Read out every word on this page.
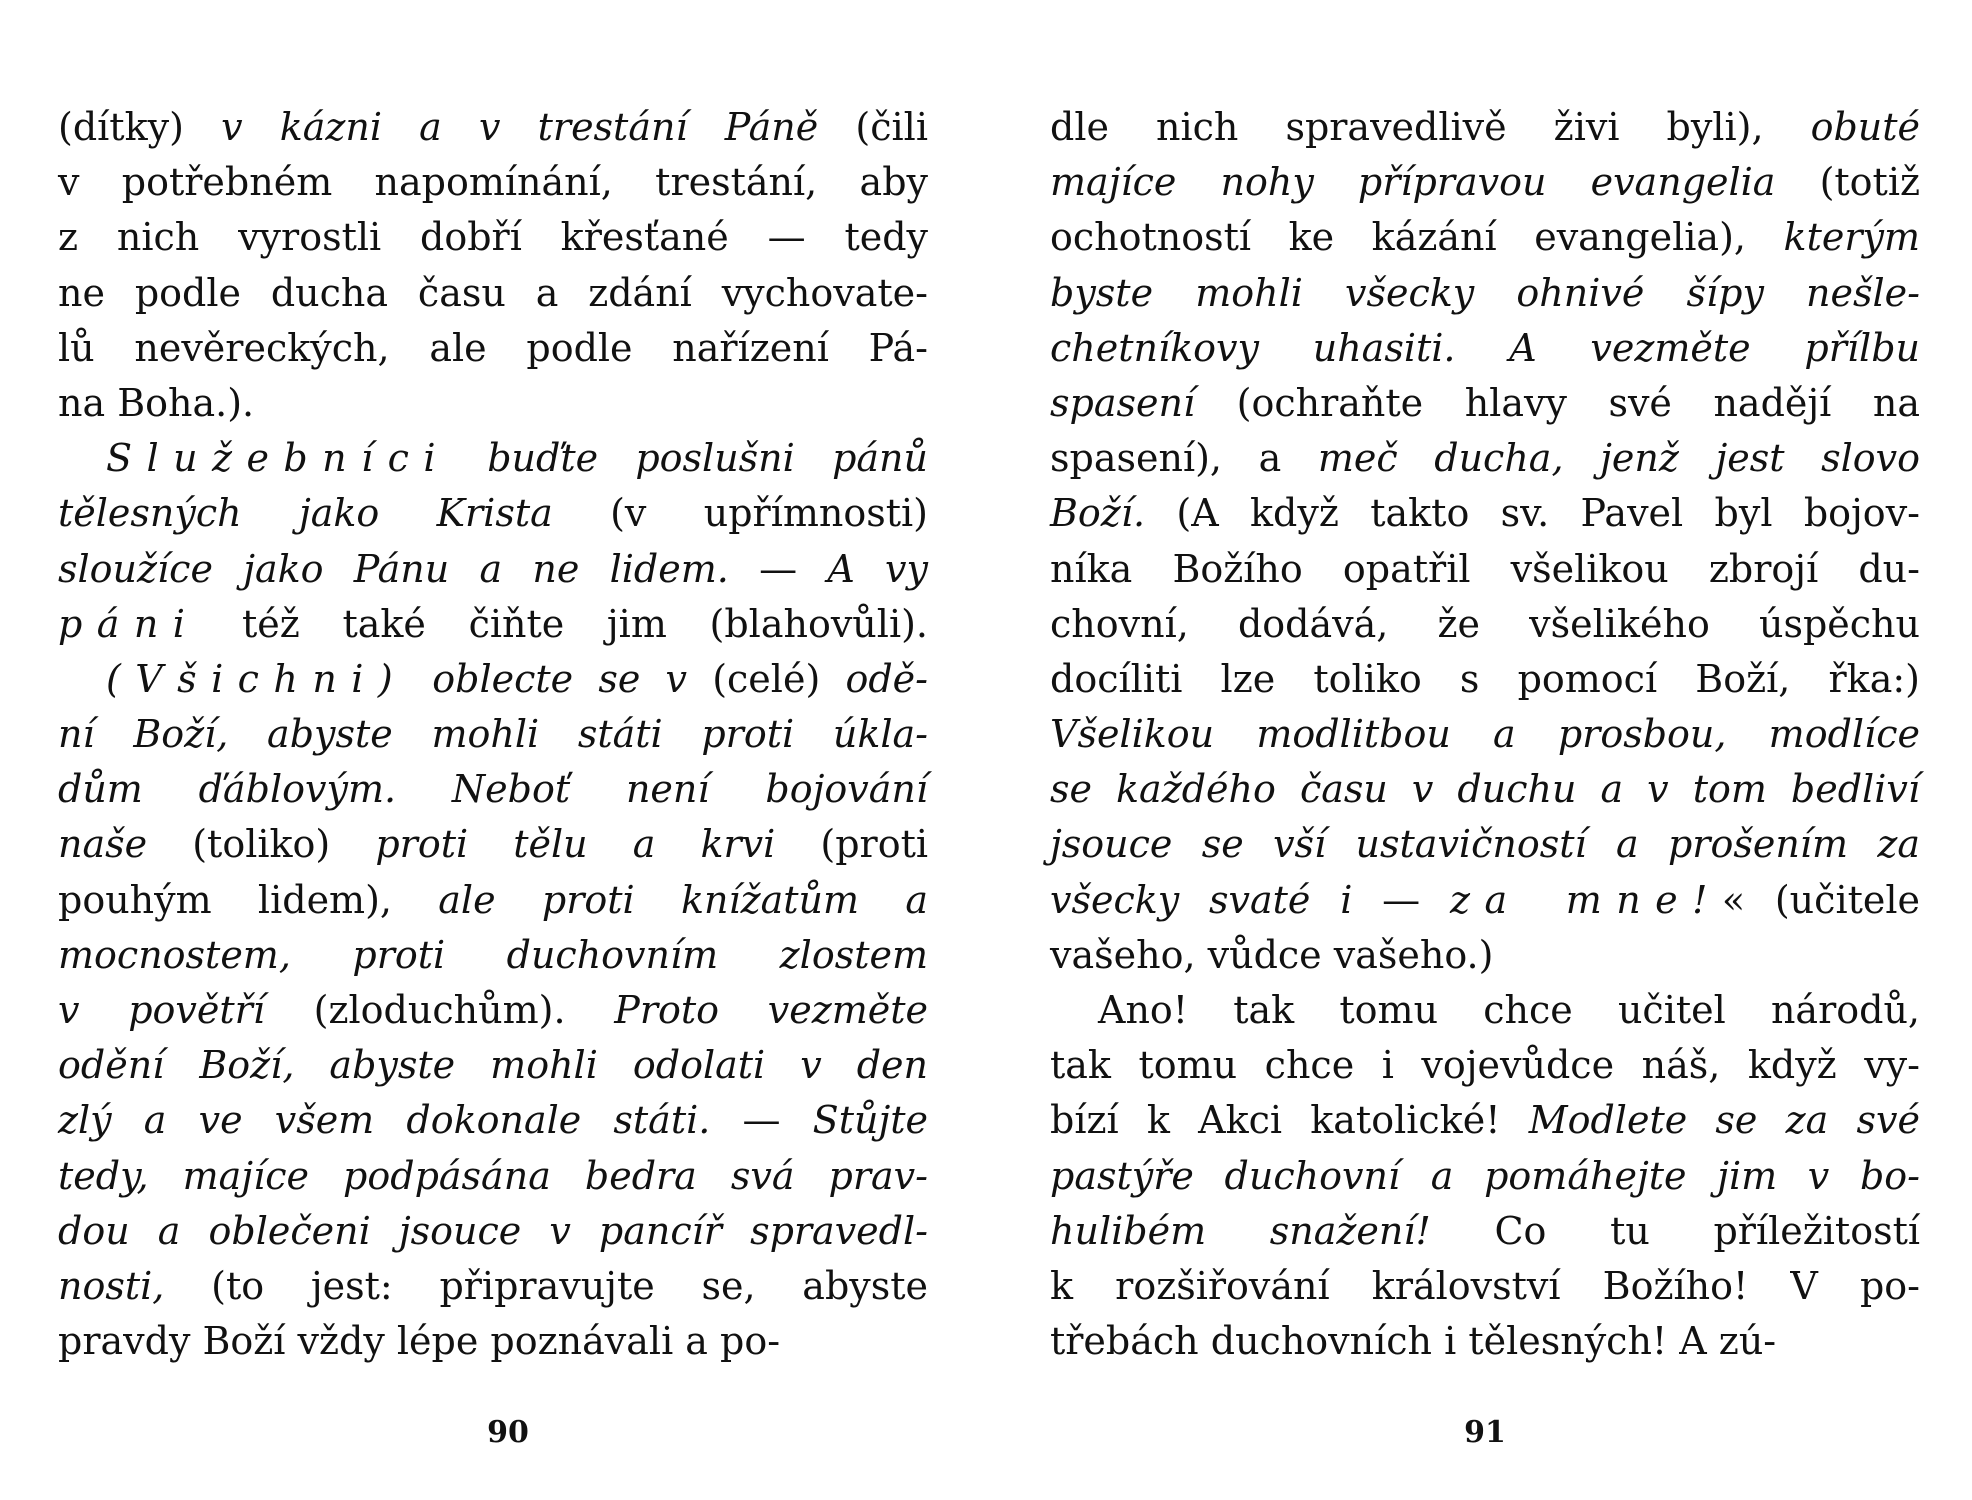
(dítky) v kázni a v trestání Páně (čili
v potřebném napomínání, trestání, aby
z nich vyrostli dobří křesťané — tedy
ne podle ducha času a zdání vychovate-
lů nevěreckých, ale podle nařízení Pá-
na Boha.).
Služebníci buďte poslušni pánů
tělesných jako Krista (v upřímnosti)
sloužíce jako Pánu a ne lidem. — A vy
páni též také čiňte jim (blahovůli).
(Všichni) oblecte se v (celé) odě-
ní Boží, abyste mohli státi proti úkla-
dům ďáblovým. Neboť není bojování
naše (toliko) proti tělu a krvi (proti
pouhým lidem), ale proti knížatům a
mocnostem, proti duchovním zlostem
v povětří (zloduchům). Proto vezměte
odění Boží, abyste mohli odolati v den
zlý a ve všem dokonale státi. — Stůjte
tedy, majíce podpásána bedra svá prav-
dou a oblečeni jsouce v pancíř spravedl-
nosti, (to jest: připravujte se, abyste
pravdy Boží vždy lépe poznávali a po-
90
dle nich spravedlivě živi byli), obuté
majíce nohy přípravou evangelia (totiž
ochotností ke kázání evangelia), kterým
byste mohli všecky ohnivé šípy nešle-
chetníkovy uhasiti. A vezměte přílbu
spasení (ochraňte hlavy své nadějí na
spasení), a meč ducha, jenž jest slovo
Boží. (A když takto sv. Pavel byl bojov-
níka Božího opatřil všelikou zbrojí du-
chovní, dodává, že všelikého úspěchu
docíliti lze toliko s pomocí Boží, řka:)
Všelikou modlitbou a prosbou, modlíce
se každého času v duchu a v tom bedliví
jsouce se vší ustavičností a prošením za
všecky svaté i — za mne!« (učitele
vašeho, vůdce vašeho.)
Ano! tak tomu chce učitel národů,
tak tomu chce i vojevůdce náš, když vy-
bízí k Akci katolické! Modlete se za své
pastýře duchovní a pomáhejte jim v bo-
hulibém snažení! Co tu příležitostí
k rozšiřování království Božího! V po-
třebách duchovních i tělesných! A zú-
91
